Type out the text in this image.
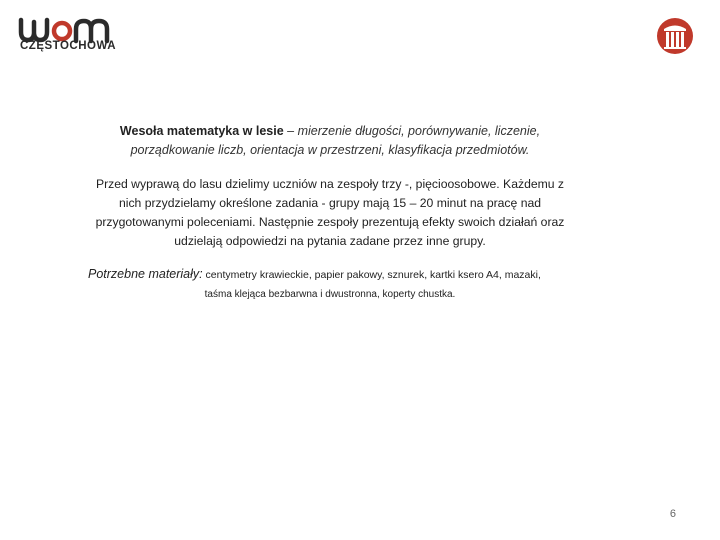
CZĘSTOCHOWA
Wesoła matematyka w lesie – mierzenie długości, porównywanie, liczenie,
porządkowanie liczb, orientacja w przestrzeni, klasyfikacja przedmiotów.
Przed wyprawą do lasu dzielimy uczniów na zespoły trzy -, pięcioosobowe. Każdemu z
nich przydzielamy określone zadania - grupy mają 15 – 20 minut na pracę nad
przygotowanymi poleceniami. Następnie zespoły prezentują efekty swoich działań oraz
udzielają odpowiedzi na pytania zadane przez inne grupy.
Potrzebne materiały: centymetry krawieckie, papier pakowy, sznurek, kartki ksero A4, mazaki,
taśma klejąca bezbarwna i dwustronna, koperty chustka.
6
